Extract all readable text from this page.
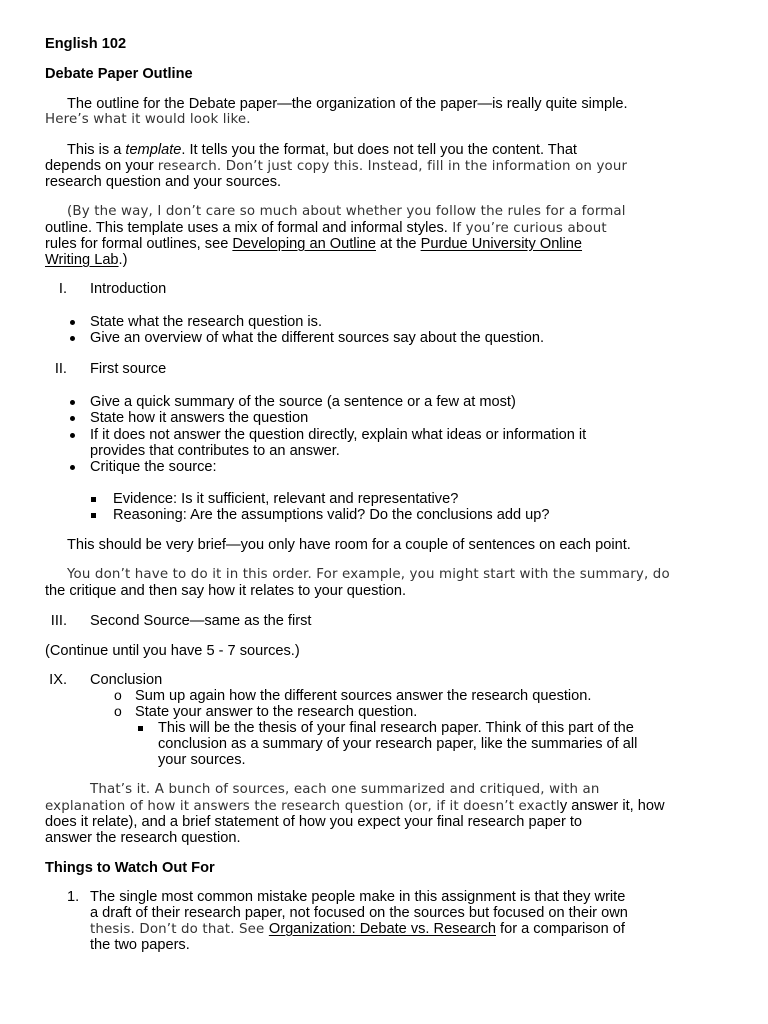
English 102
Debate Paper Outline
The outline for the Debate paper—the organization of the paper—is really quite simple.
Here’s what it would look like.
This is a template. It tells you the format, but does not tell you the content. That
depends on your research. Don’t just copy this. Instead, fill in the information on your
research question and your sources.
(By the way, I don’t care so much about whether you follow the rules for a formal
outline. This template uses a mix of formal and informal styles. If you’re curious about
rules for formal outlines, see Developing an Outline at the Purdue University Online
Writing Lab.)
I. Introduction
State what the research question is.
Give an overview of what the different sources say about the question.
II. First source
Give a quick summary of the source (a sentence or a few at most)
State how it answers the question
If it does not answer the question directly, explain what ideas or information it
provides that contributes to an answer.
Critique the source:
Evidence: Is it sufficient, relevant and representative?
Reasoning: Are the assumptions valid? Do the conclusions add up?
This should be very brief—you only have room for a couple of sentences on each point.
You don’t have to do it in this order. For example, you might start with the summary, do
the critique and then say how it relates to your question.
III. Second Source—same as the first
(Continue until you have 5 - 7 sources.)
IX. Conclusion
o Sum up again how the different sources answer the research question.
o State your answer to the research question.
This will be the thesis of your final research paper. Think of this part of the
conclusion as a summary of your research paper, like the summaries of all
your sources.
That’s it. A bunch of sources, each one summarized and critiqued, with an
explanation of how it answers the research question (or, if it doesn’t exactly answer it, how
does it relate), and a brief statement of how you expect your final research paper to
answer the research question.
Things to Watch Out For
1. The single most common mistake people make in this assignment is that they write
a draft of their research paper, not focused on the sources but focused on their own
thesis. Don’t do that. See Organization: Debate vs. Research for a comparison of
the two papers.
